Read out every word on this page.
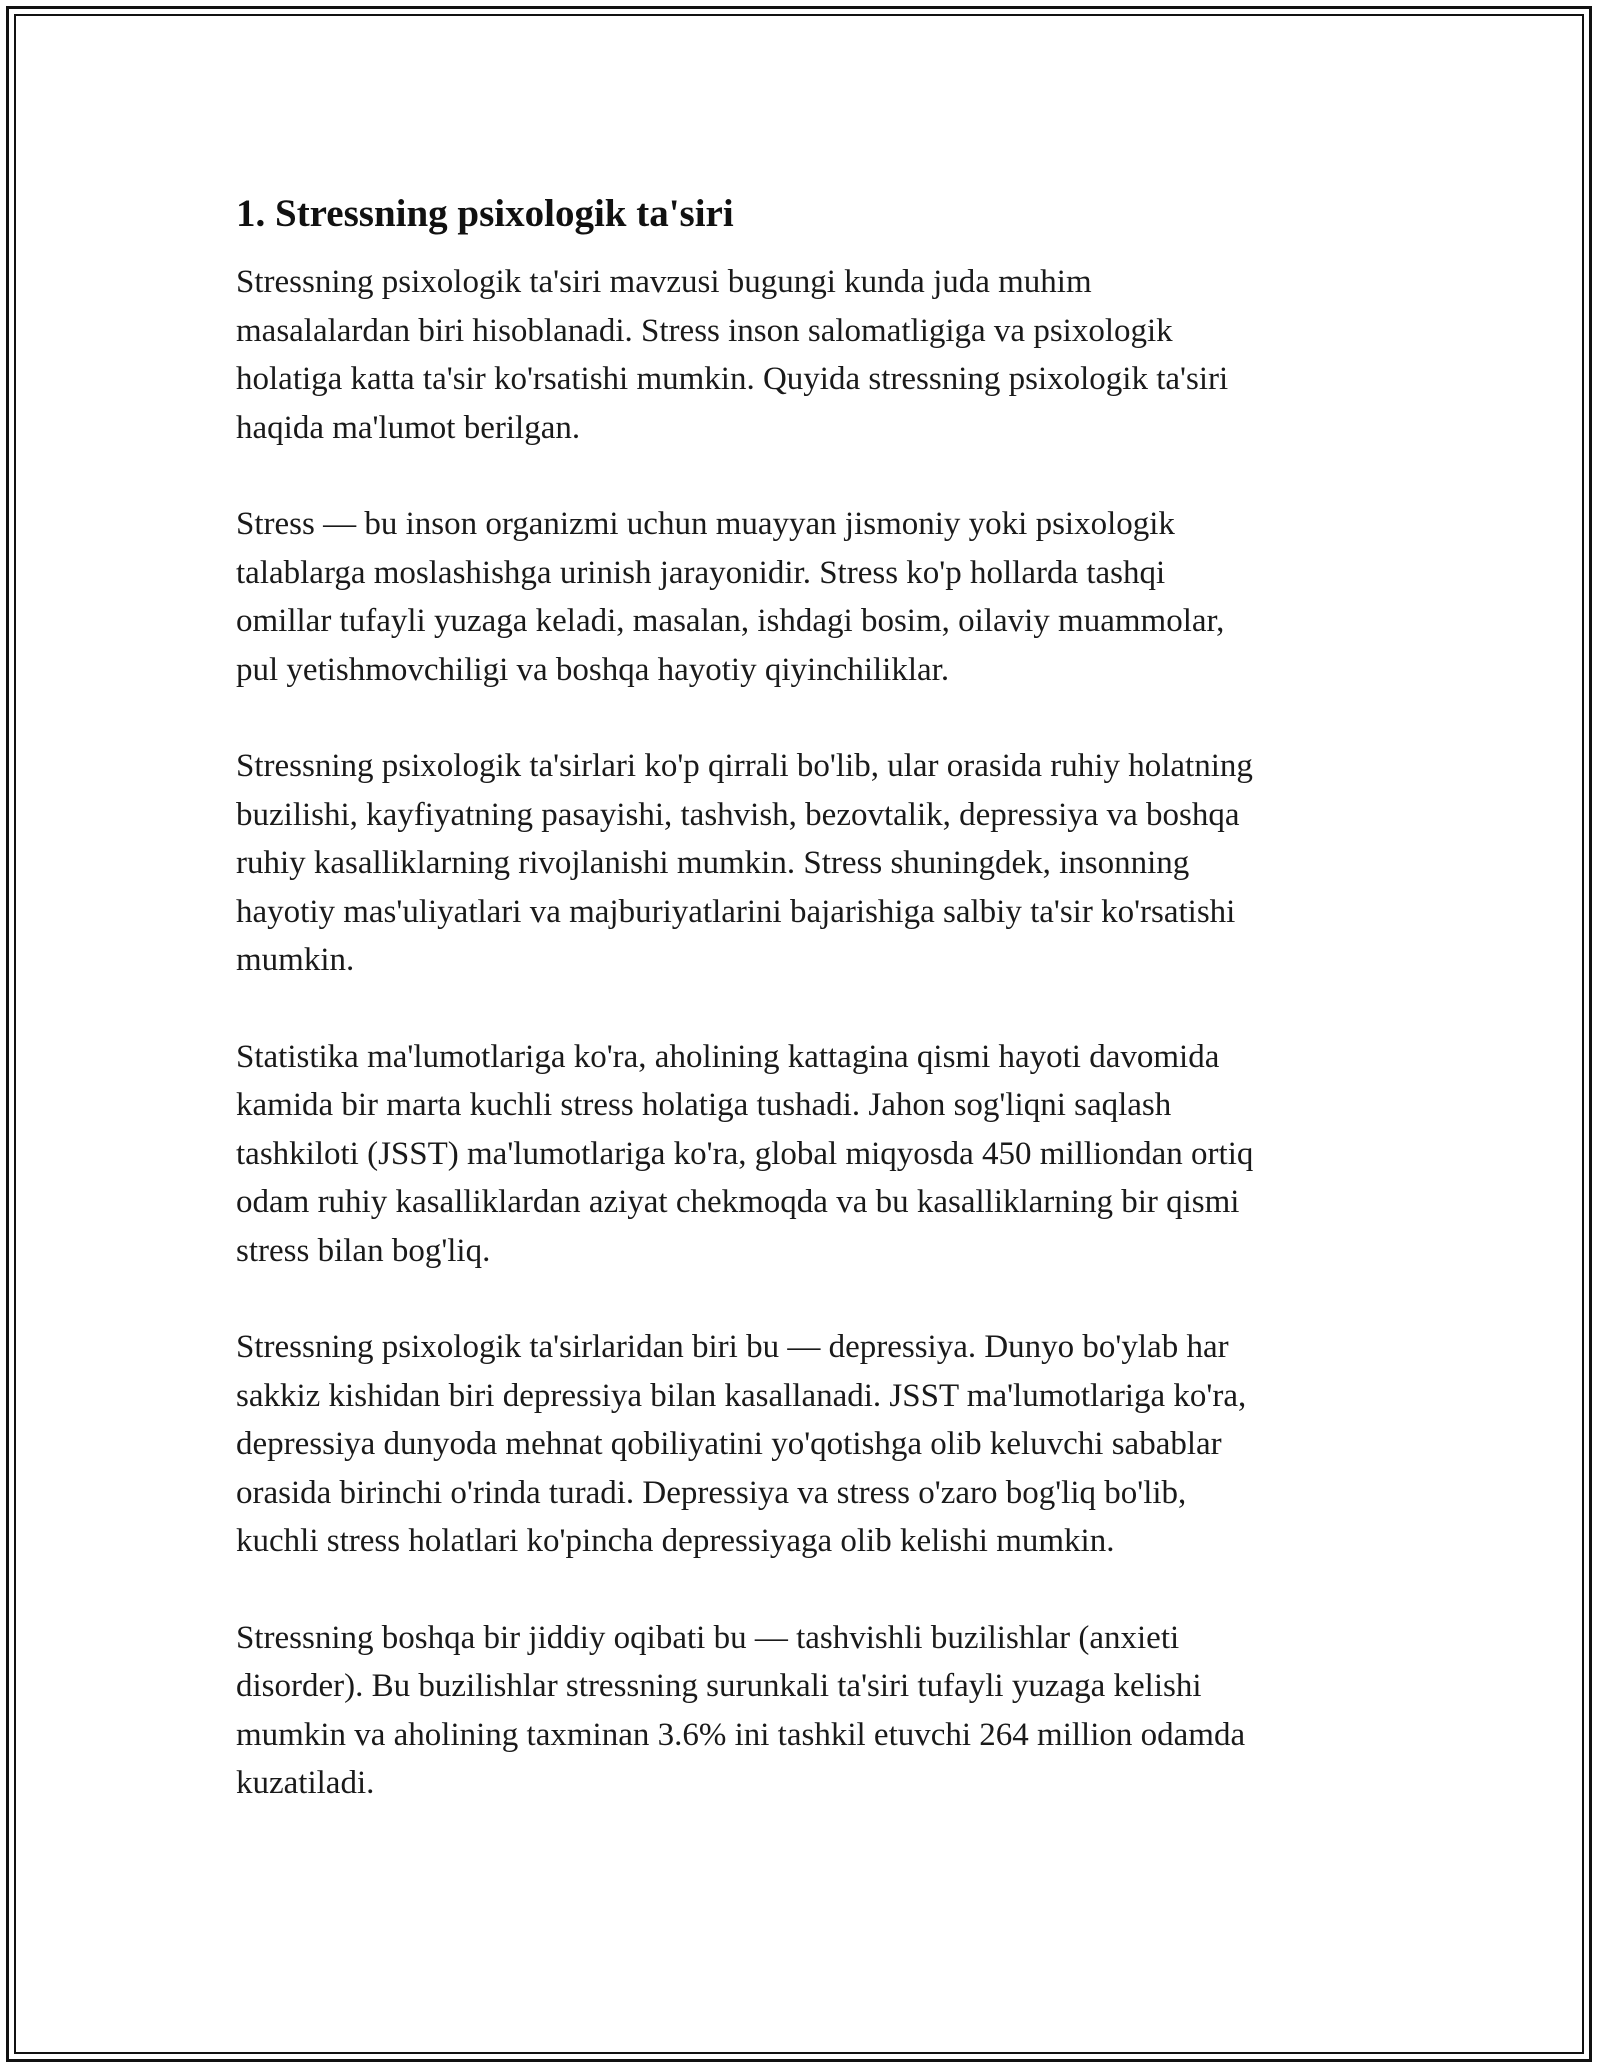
1. Stressning psixologik ta'siri
Stressning psixologik ta'siri mavzusi bugungi kunda juda muhim
masalalardan biri hisoblanadi. Stress inson salomatligiga va psixologik
holatiga katta ta'sir ko'rsatishi mumkin. Quyida stressning psixologik ta'siri
haqida ma'lumot berilgan.
Stress — bu inson organizmi uchun muayyan jismoniy yoki psixologik
talablarga moslashishga urinish jarayonidir. Stress ko'p hollarda tashqi
omillar tufayli yuzaga keladi, masalan, ishdagi bosim, oilaviy muammolar,
pul yetishmovchiligi va boshqa hayotiy qiyinchiliklar.
Stressning psixologik ta'sirlari ko'p qirrali bo'lib, ular orasida ruhiy holatning
buzilishi, kayfiyatning pasayishi, tashvish, bezovtalik, depressiya va boshqa
ruhiy kasalliklarning rivojlanishi mumkin. Stress shuningdek, insonning
hayotiy mas'uliyatlari va majburiyatlarini bajarishiga salbiy ta'sir ko'rsatishi
mumkin.
Statistika ma'lumotlariga ko'ra, aholining kattagina qismi hayoti davomida
kamida bir marta kuchli stress holatiga tushadi. Jahon sog'liqni saqlash
tashkiloti (JSST) ma'lumotlariga ko'ra, global miqyosda 450 milliondan ortiq
odam ruhiy kasalliklardan aziyat chekmoqda va bu kasalliklarning bir qismi
stress bilan bog'liq.
Stressning psixologik ta'sirlaridan biri bu — depressiya. Dunyo bo'ylab har
sakkiz kishidan biri depressiya bilan kasallanadi. JSST ma'lumotlariga ko'ra,
depressiya dunyoda mehnat qobiliyatini yo'qotishga olib keluvchi sabablar
orasida birinchi o'rinda turadi. Depressiya va stress o'zaro bog'liq bo'lib,
kuchli stress holatlari ko'pincha depressiyaga olib kelishi mumkin.
Stressning boshqa bir jiddiy oqibati bu — tashvishli buzilishlar (anxieti
disorder). Bu buzilishlar stressning surunkali ta'siri tufayli yuzaga kelishi
mumkin va aholining taxminan 3.6% ini tashkil etuvchi 264 million odamda
kuzatiladi.
